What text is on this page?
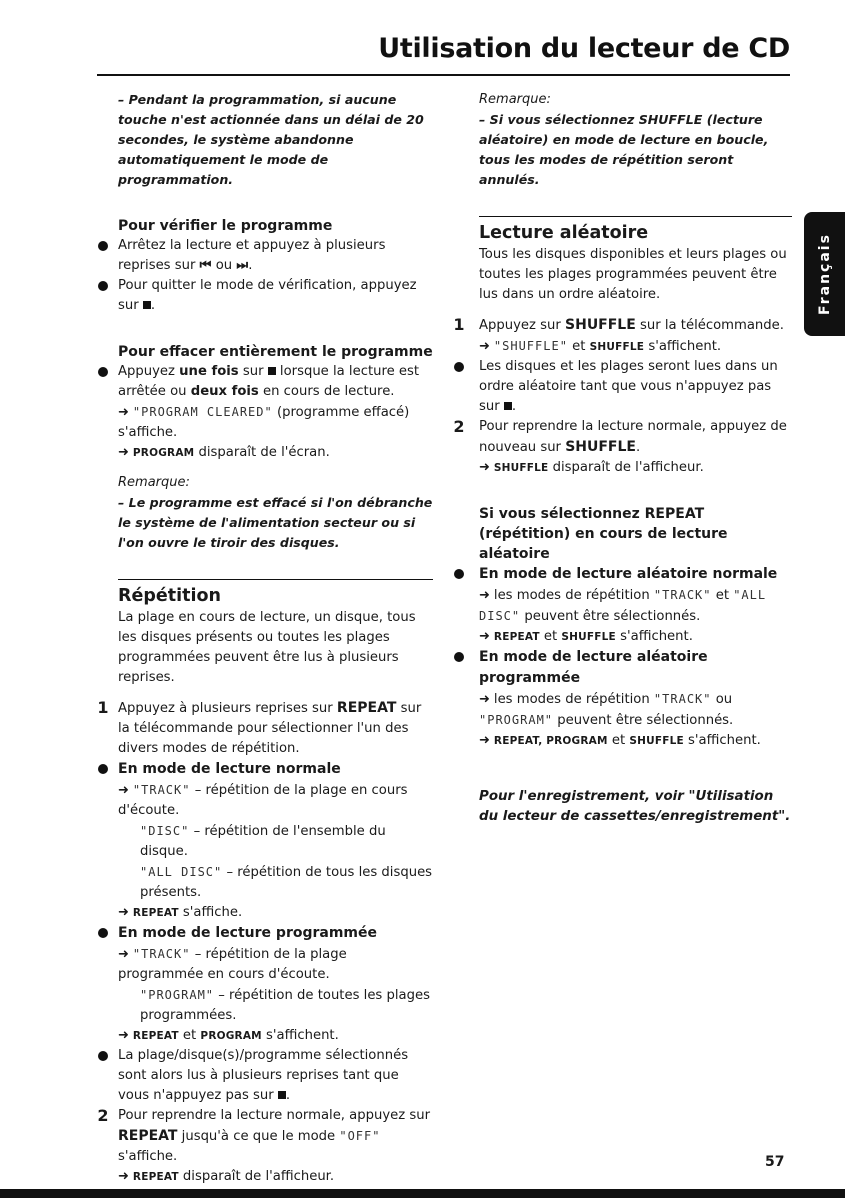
Utilisation du lecteur de CD
Français

– Pendant la programmation, si aucune touche n'est actionnée dans un délai de 20 secondes, le système abandonne automatiquement le mode de programmation.

Pour vérifier le programme

Arrêtez la lecture et appuyez à plusieurs reprises sur ⏮ ou ⏭.
Pour quitter le mode de vérification, appuyez sur .

Pour effacer entièrement le programme

Appuyez une fois sur lorsque la lecture est arrêtée ou deux fois en cours de lecture.
➜ "PROGRAM CLEARED" (programme effacé) s'affiche.
➜ PROGRAM disparaît de l'écran.

Remarque:

– Le programme est effacé si l'on débranche le système de l'alimentation secteur ou si l'on ouvre le tiroir des disques.

Répétition

La plage en cours de lecture, un disque, tous les disques présents ou toutes les plages programmées peuvent être lus à plusieurs reprises.

1 Appuyez à plusieurs reprises sur REPEAT sur la télécommande pour sélectionner l'un des divers modes de répétition.
En mode de lecture normale
➜ "TRACK" – répétition de la plage en cours d'écoute.
"DISC" – répétition de l'ensemble du disque.
"ALL DISC" – répétition de tous les disques présents.
➜ REPEAT s'affiche.
En mode de lecture programmée
➜ "TRACK" – répétition de la plage programmée en cours d'écoute.
"PROGRAM" – répétition de toutes les plages programmées.
➜ REPEAT et PROGRAM s'affichent.
La plage/disque(s)/programme sélectionnés sont alors lus à plusieurs reprises tant que vous n'appuyez pas sur .
2 Pour reprendre la lecture normale, appuyez sur REPEAT jusqu'à ce que le mode "OFF" s'affiche.
➜ REPEAT disparaît de l'afficheur.

Remarque:

– Si vous sélectionnez SHUFFLE (lecture aléatoire) en mode de lecture en boucle, tous les modes de répétition seront annulés.

Lecture aléatoire

Tous les disques disponibles et leurs plages ou toutes les plages programmées peuvent être lus dans un ordre aléatoire.

1 Appuyez sur SHUFFLE sur la télécommande.
➜ "SHUFFLE" et SHUFFLE s'affichent.
Les disques et les plages seront lues dans un ordre aléatoire tant que vous n'appuyez pas sur .
2 Pour reprendre la lecture normale, appuyez de nouveau sur SHUFFLE.
➜ SHUFFLE disparaît de l'afficheur.

Si vous sélectionnez REPEAT (répétition) en cours de lecture aléatoire

En mode de lecture aléatoire normale
➜ les modes de répétition "TRACK" et "ALL DISC" peuvent être sélectionnés.
➜ REPEAT et SHUFFLE s'affichent.
En mode de lecture aléatoire programmée
➜ les modes de répétition "TRACK" ou "PROGRAM" peuvent être sélectionnés.
➜ REPEAT, PROGRAM et SHUFFLE s'affichent.

Pour l'enregistrement, voir "Utilisation du lecteur de cassettes/enregistrement".

57
